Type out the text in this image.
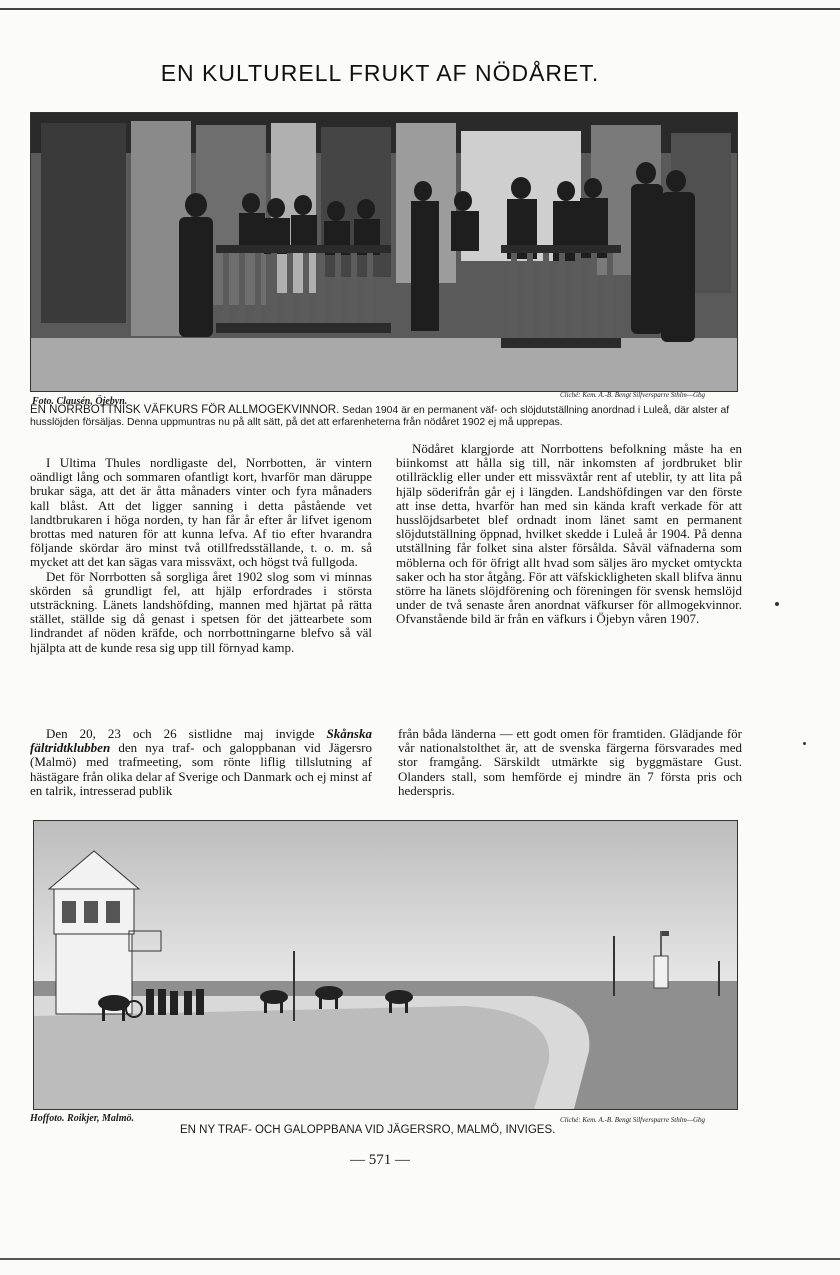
EN KULTURELL FRUKT AF NÖDÅRET.
Foto. Clausén, Öjebyn.
Cliché: Kem. A.-B. Bengt Silfversparre Sthlm—Gbg
EN NORRBOTTNISK VÄFKURS FÖR ALLMOGEKVINNOR. Sedan 1904 är en permanent väf- och slöjdutställning anordnad i Luleå, där alster af husslöjden försäljas. Denna uppmuntras nu på allt sätt, på det att erfarenheterna från nödåret 1902 ej må upprepas.

I Ultima Thules nordligaste del, Norrbotten, är vintern oändligt lång och sommaren ofantligt kort, hvarför man däruppe brukar säga, att det är åtta månaders vinter och fyra månaders kall blåst. Att det ligger sanning i detta påstående vet landtbrukaren i höga norden, ty han får år efter år lifvet igenom brottas med naturen för att kunna lefva. Af tio efter hvarandra följande skördar äro minst två otillfredsställande, t. o. m. så mycket att det kan sägas vara missväxt, och högst två fullgoda.

Det för Norrbotten så sorgliga året 1902 slog som vi minnas skörden så grundligt fel, att hjälp erfordrades i största utsträckning. Länets landshöfding, mannen med hjärtat på rätta stället, ställde sig då genast i spetsen för det jättearbete som lindrandet af nöden kräfde, och norrbottningarne blefvo så väl hjälpta att de kunde resa sig upp till förnyad kamp.

Nödåret klargjorde att Norrbottens befolkning måste ha en biinkomst att hålla sig till, när inkomsten af jordbruket blir otillräcklig eller under ett missväxtår rent af uteblir, ty att lita på hjälp söderifrån går ej i längden. Landshöfdingen var den förste att inse detta, hvarför han med sin kända kraft verkade för att husslöjdsarbetet blef ordnadt inom länet samt en permanent slöjdutställning öppnad, hvilket skedde i Luleå år 1904. På denna utställning får folket sina alster försålda. Såväl väfnaderna som möblerna och för öfrigt allt hvad som säljes äro mycket omtyckta saker och ha stor åtgång. För att väfskickligheten skall blifva ännu större ha länets slöjdförening och föreningen för svensk hemslöjd under de två senaste åren anordnat väfkurser för allmogekvinnor. Ofvanstående bild är från en väfkurs i Öjebyn våren 1907.

Den 20, 23 och 26 sistlidne maj invigde Skånska fältridtklubben den nya traf- och galoppbanan vid Jägersro (Malmö) med trafmeeting, som rönte liflig tillslutning af hästägare från olika delar af Sverige och Danmark och ej minst af en talrik, intresserad publik

från båda länderna — ett godt omen för framtiden. Glädjande för vår nationalstolthet är, att de svenska färgerna försvarades med stor framgång. Särskildt utmärkte sig byggmästare Gust. Olanders stall, som hemförde ej mindre än 7 första pris och hederspris.

Hoffoto. Roikjer, Malmö.	Cliché: Kem. A.-B. Bengt Silfversparre Sthlm—Gbg
EN NY TRAF- OCH GALOPPBANA VID JÄGERSRO, MALMÖ, INVIGES.
— 571 —
